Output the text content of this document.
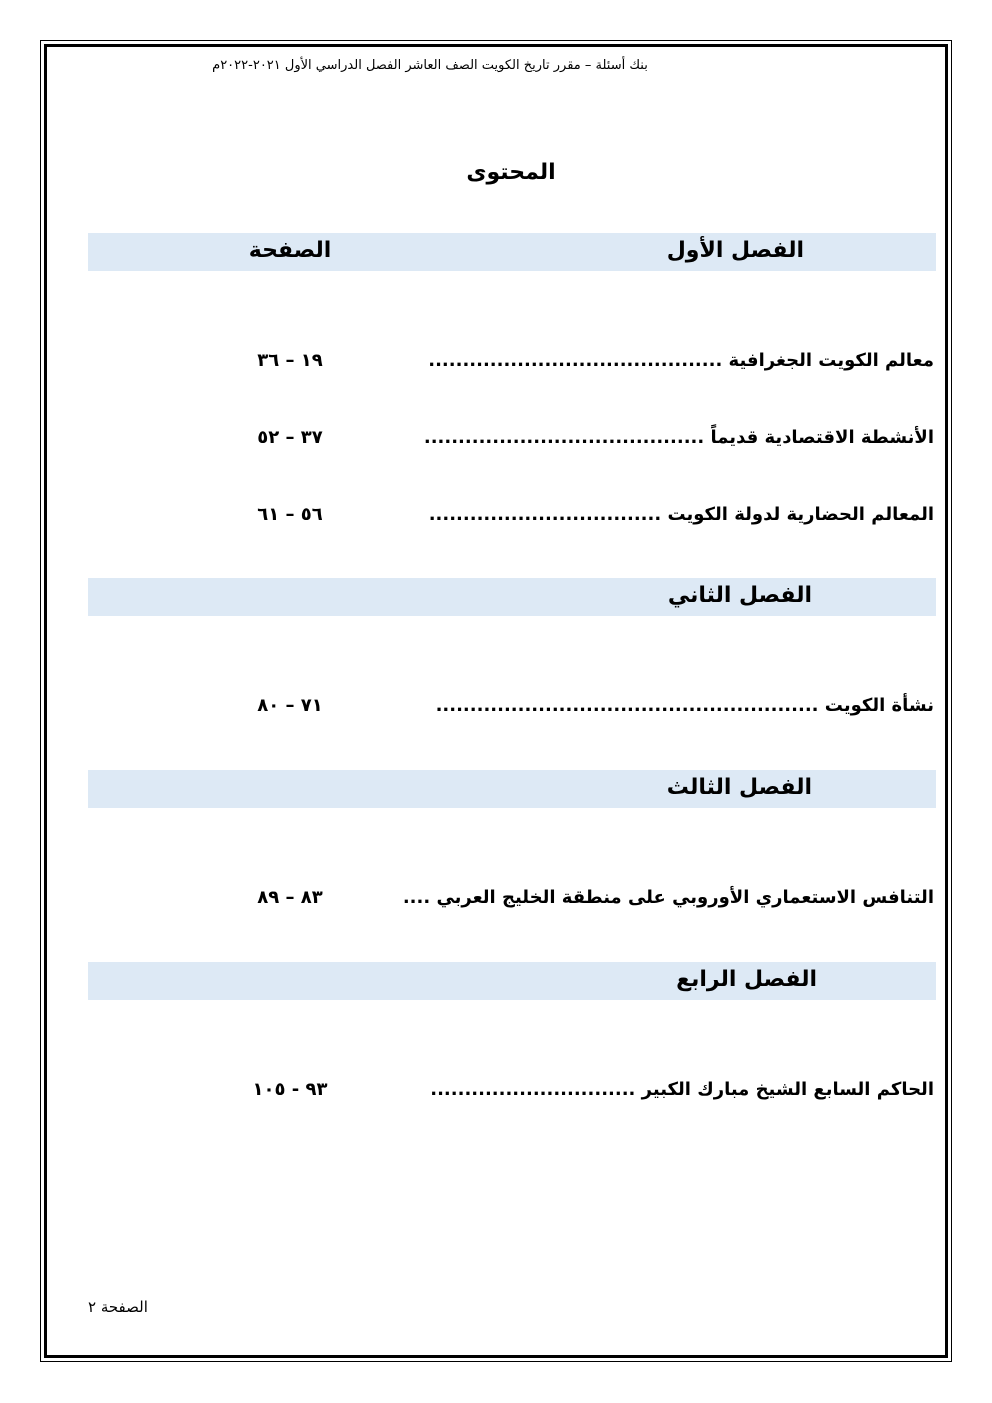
بنك أسئلة – مقرر تاريخ الكويت الصف العاشر الفصل الدراسي الأول ٢٠٢١-٢٠٢٢م
المحتوى
الفصل الأول
الصفحة
معالم الكويت الجغرافية ...........................................
١٩ – ٣٦
الأنشطة الاقتصادية قديماً .........................................
٣٧ – ٥٢
المعالم الحضارية لدولة الكويت ..................................
٥٦ – ٦١
الفصل الثاني
نشأة الكويت ........................................................
٧١ – ٨٠
الفصل الثالث
التنافس الاستعماري الأوروبي على منطقة الخليج العربي ....
٨٣ – ٨٩
الفصل الرابع
الحاكم السابع الشيخ مبارك الكبير ..............................
٩٣ - ١٠٥
الصفحة ٢
